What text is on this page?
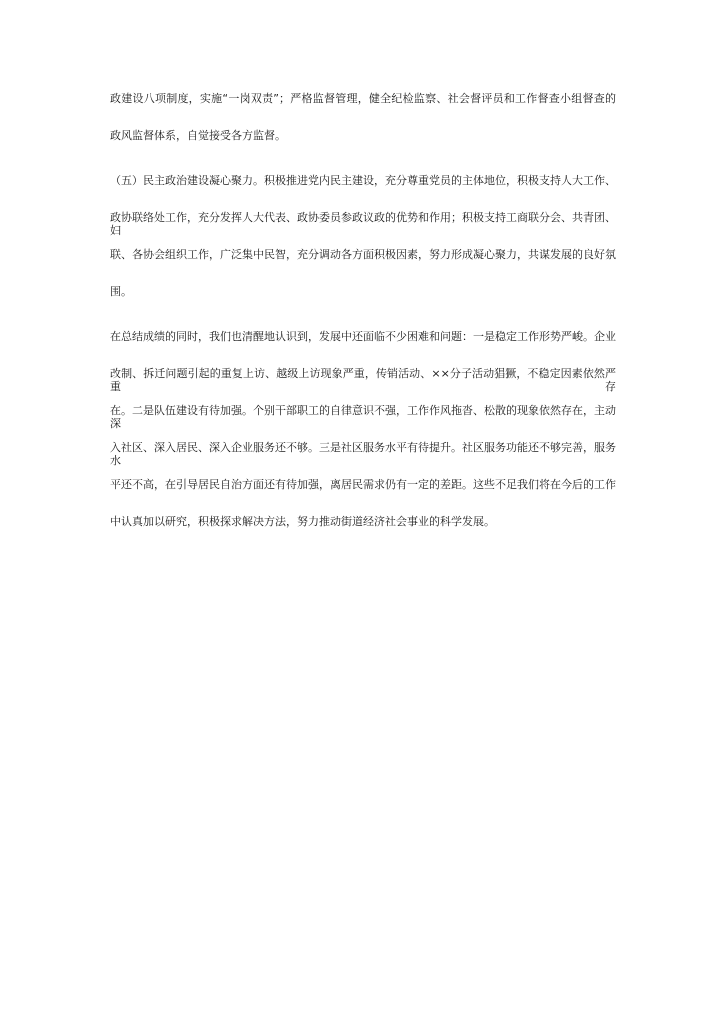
政建设八项制度，实施“一岗双责”；严格监督管理，健全纪检监察、社会督评员和工作督查小组督查的
政风监督体系，自觉接受各方监督。
（五）民主政治建设凝心聚力。积极推进党内民主建设，充分尊重党员的主体地位，积极支持人大工作、
政协联络处工作，充分发挥人大代表、政协委员参政议政的优势和作用；积极支持工商联分会、共青团、妇
联、各协会组织工作，广泛集中民智，充分调动各方面积极因素，努力形成凝心聚力，共谋发展的良好氛
围。
在总结成绩的同时，我们也清醒地认识到，发展中还面临不少困难和问题：一是稳定工作形势严峻。企业
改制、拆迁问题引起的重复上访、越级上访现象严重，传销活动、××分子活动猖獗，不稳定因素依然严重存
在。二是队伍建设有待加强。个别干部职工的自律意识不强，工作作风拖沓、松散的现象依然存在，主动深
入社区、深入居民、深入企业服务还不够。三是社区服务水平有待提升。社区服务功能还不够完善，服务水
平还不高，在引导居民自治方面还有待加强，离居民需求仍有一定的差距。这些不足我们将在今后的工作
中认真加以研究，积极探求解决方法，努力推动街道经济社会事业的科学发展。
